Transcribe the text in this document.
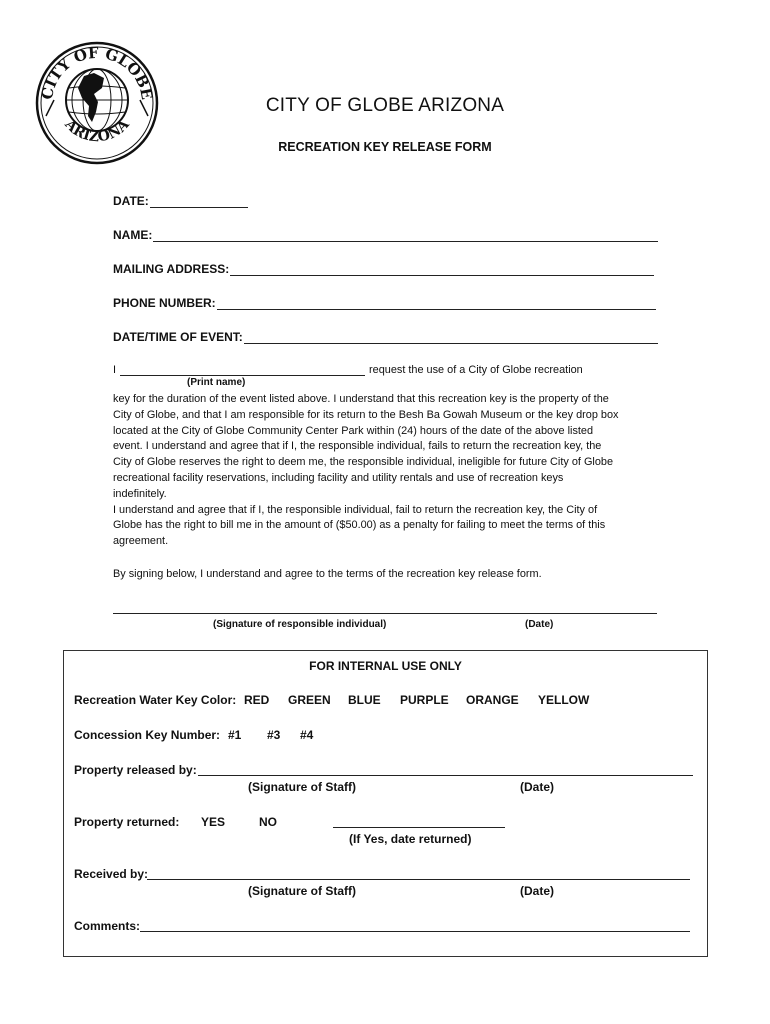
CITY OF GLOBE
ARIZONA
CITY OF GLOBE ARIZONA
RECREATION KEY RELEASE FORM
DATE:
NAME:
MAILING ADDRESS:
PHONE NUMBER:
DATE/TIME OF EVENT:
I	request the use of a City of Globe recreation
(Print name)
key for the duration of the event listed above. I understand that this recreation key is the property of the
City of Globe, and that I am responsible for its return to the Besh Ba Gowah Museum or the key drop box
located at the City of Globe Community Center Park within (24) hours of the date of the above listed
event. I understand and agree that if I, the responsible individual, fails to return the recreation key, the
City of Globe reserves the right to deem me, the responsible individual, ineligible for future City of Globe
recreational facility reservations, including facility and utility rentals and use of recreation keys
indefinitely.
I understand and agree that if I, the responsible individual, fail to return the recreation key, the City of
Globe has the right to bill me in the amount of ($50.00) as a penalty for failing to meet the terms of this
agreement.
By signing below, I understand and agree to the terms of the recreation key release form.
(Signature of responsible individual)	(Date)
FOR INTERNAL USE ONLY
Recreation Water Key Color: RED GREEN BLUE PURPLE ORANGE YELLOW
Concession Key Number: #1 #3 #4
Property released by:
(Signature of Staff)	(Date)
Property returned: YES	NO
(If Yes, date returned)
Received by:
(Signature of Staff)	(Date)
Comments:
